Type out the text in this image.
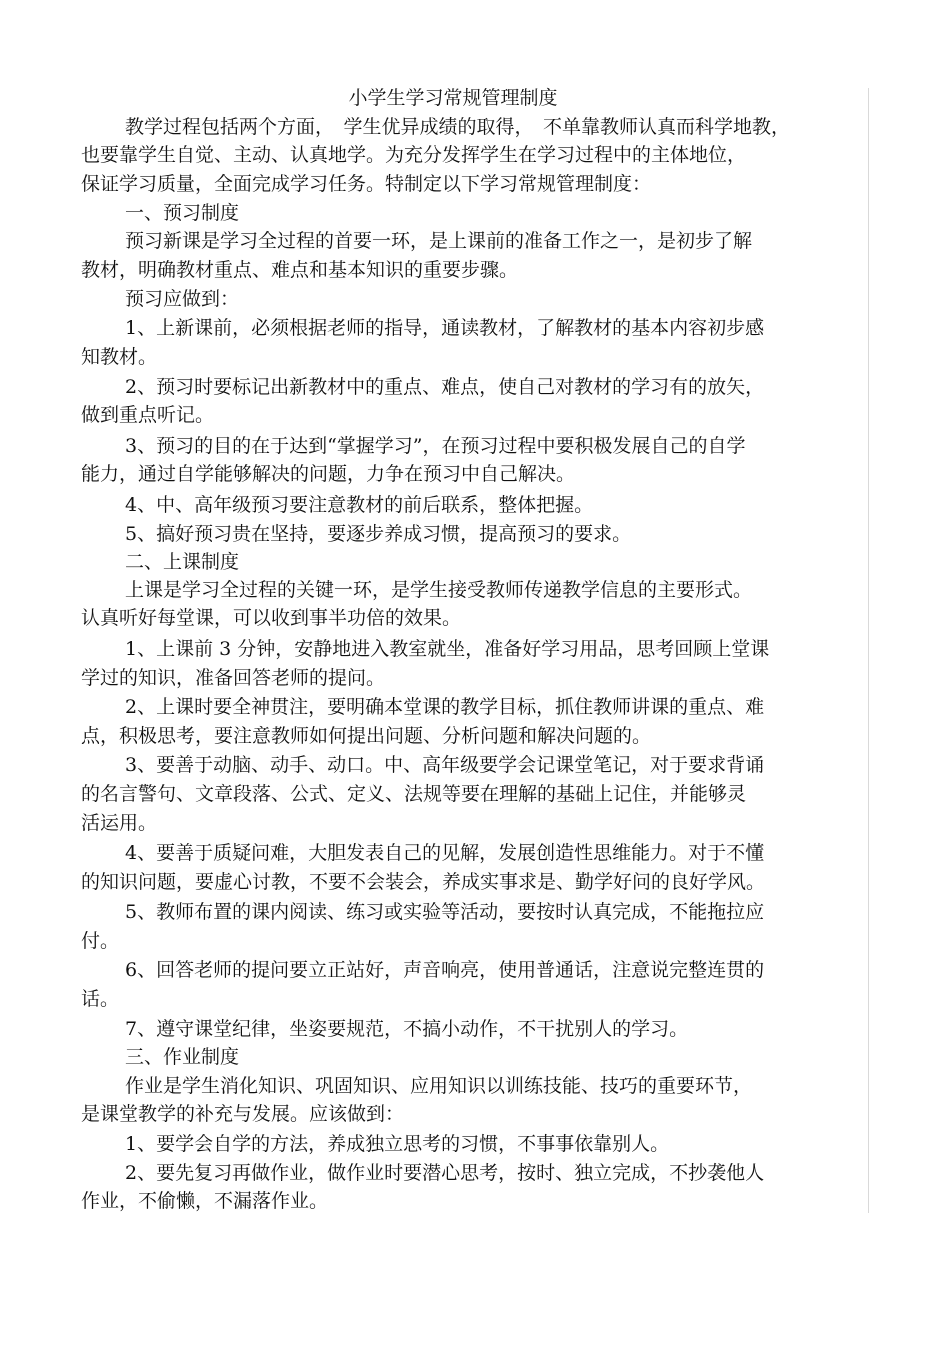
小学生学习常规管理制度
教学过程包括两个方面，　学生优异成绩的取得，　不单靠教师认真而科学地教，
也要靠学生自觉、主动、认真地学。为充分发挥学生在学习过程中的主体地位，
保证学习质量，全面完成学习任务。特制定以下学习常规管理制度：
一、预习制度
预习新课是学习全过程的首要一环，是上课前的准备工作之一，是初步了解
教材，明确教材重点、难点和基本知识的重要步骤。
预习应做到：
1、上新课前，必须根据老师的指导，通读教材，了解教材的基本内容初步感
知教材。
2、预习时要标记出新教材中的重点、难点，使自己对教材的学习有的放矢，
做到重点听记。
3、预习的目的在于达到“掌握学习”，在预习过程中要积极发展自己的自学
能力，通过自学能够解决的问题，力争在预习中自己解决。
4、中、高年级预习要注意教材的前后联系，整体把握。
5、搞好预习贵在坚持，要逐步养成习惯，提高预习的要求。
二、上课制度
上课是学习全过程的关键一环，是学生接受教师传递教学信息的主要形式。
认真听好每堂课，可以收到事半功倍的效果。
1、上课前 3 分钟，安静地进入教室就坐，准备好学习用品，思考回顾上堂课
学过的知识，准备回答老师的提问。
2、上课时要全神贯注，要明确本堂课的教学目标，抓住教师讲课的重点、难
点，积极思考，要注意教师如何提出问题、分析问题和解决问题的。
3、要善于动脑、动手、动口。中、高年级要学会记课堂笔记，对于要求背诵
的名言警句、文章段落、公式、定义、法规等要在理解的基础上记住，并能够灵
活运用。
4、要善于质疑问难，大胆发表自己的见解，发展创造性思维能力。对于不懂
的知识问题，要虚心讨教，不要不会装会，养成实事求是、勤学好问的良好学风。
5、教师布置的课内阅读、练习或实验等活动，要按时认真完成，不能拖拉应
付。
6、回答老师的提问要立正站好，声音响亮，使用普通话，注意说完整连贯的
话。
7、遵守课堂纪律，坐姿要规范，不搞小动作，不干扰别人的学习。
三、作业制度
作业是学生消化知识、巩固知识、应用知识以训练技能、技巧的重要环节，
是课堂教学的补充与发展。应该做到：
1、要学会自学的方法，养成独立思考的习惯，不事事依靠别人。
2、要先复习再做作业，做作业时要潜心思考，按时、独立完成，不抄袭他人
作业，不偷懒，不漏落作业。
